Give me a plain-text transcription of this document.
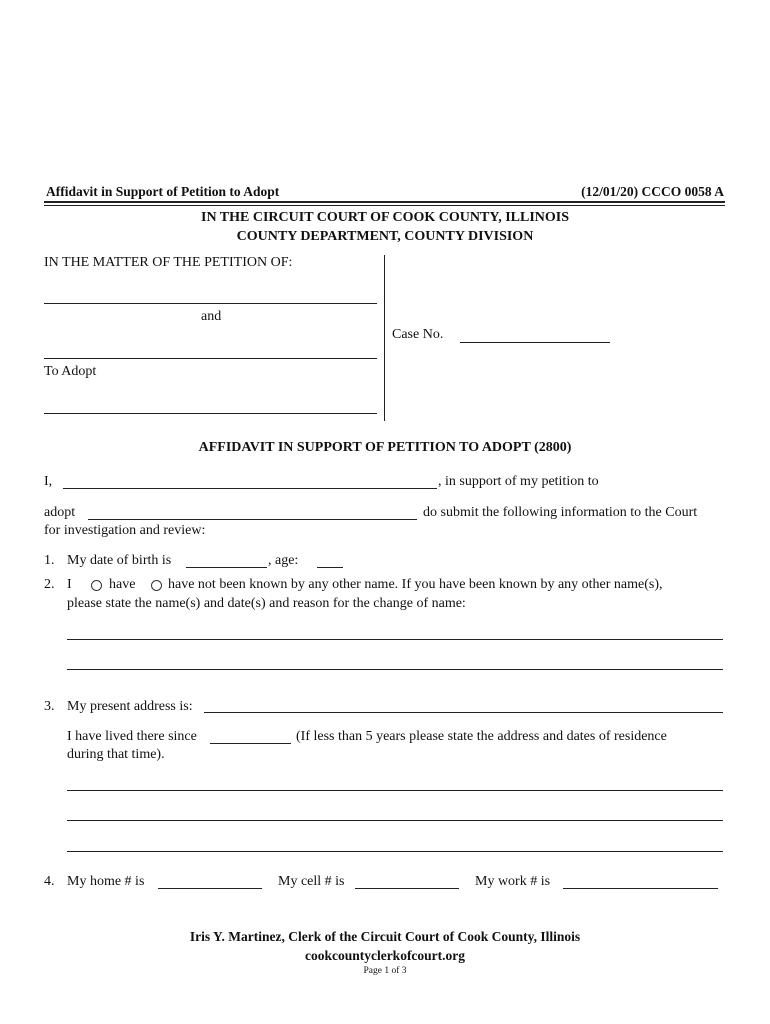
Affidavit in Support of Petition to Adopt	(12/01/20) CCCO 0058 A
IN THE CIRCUIT COURT OF COOK COUNTY, ILLINOIS
COUNTY DEPARTMENT, COUNTY DIVISION
IN THE MATTER OF THE PETITION OF:
and
To Adopt
Case No.
AFFIDAVIT IN SUPPORT OF PETITION TO ADOPT (2800)
I,	, in support of my petition to
adopt	do submit the following information to the Court
for investigation and review:
1. My date of birth is	, age:
2. I	have have not been known by any other name. If you have been known by any other name(s),
please state the name(s) and date(s) and reason for the change of name:
3. My present address is:
I have lived there since	(If less than 5 years please state the address and dates of residence
during that time).
4. My home # is	My cell # is	My work # is
Iris Y. Martinez, Clerk of the Circuit Court of Cook County, Illinois
cookcountyclerkofcourt.org
Page 1 of 3
